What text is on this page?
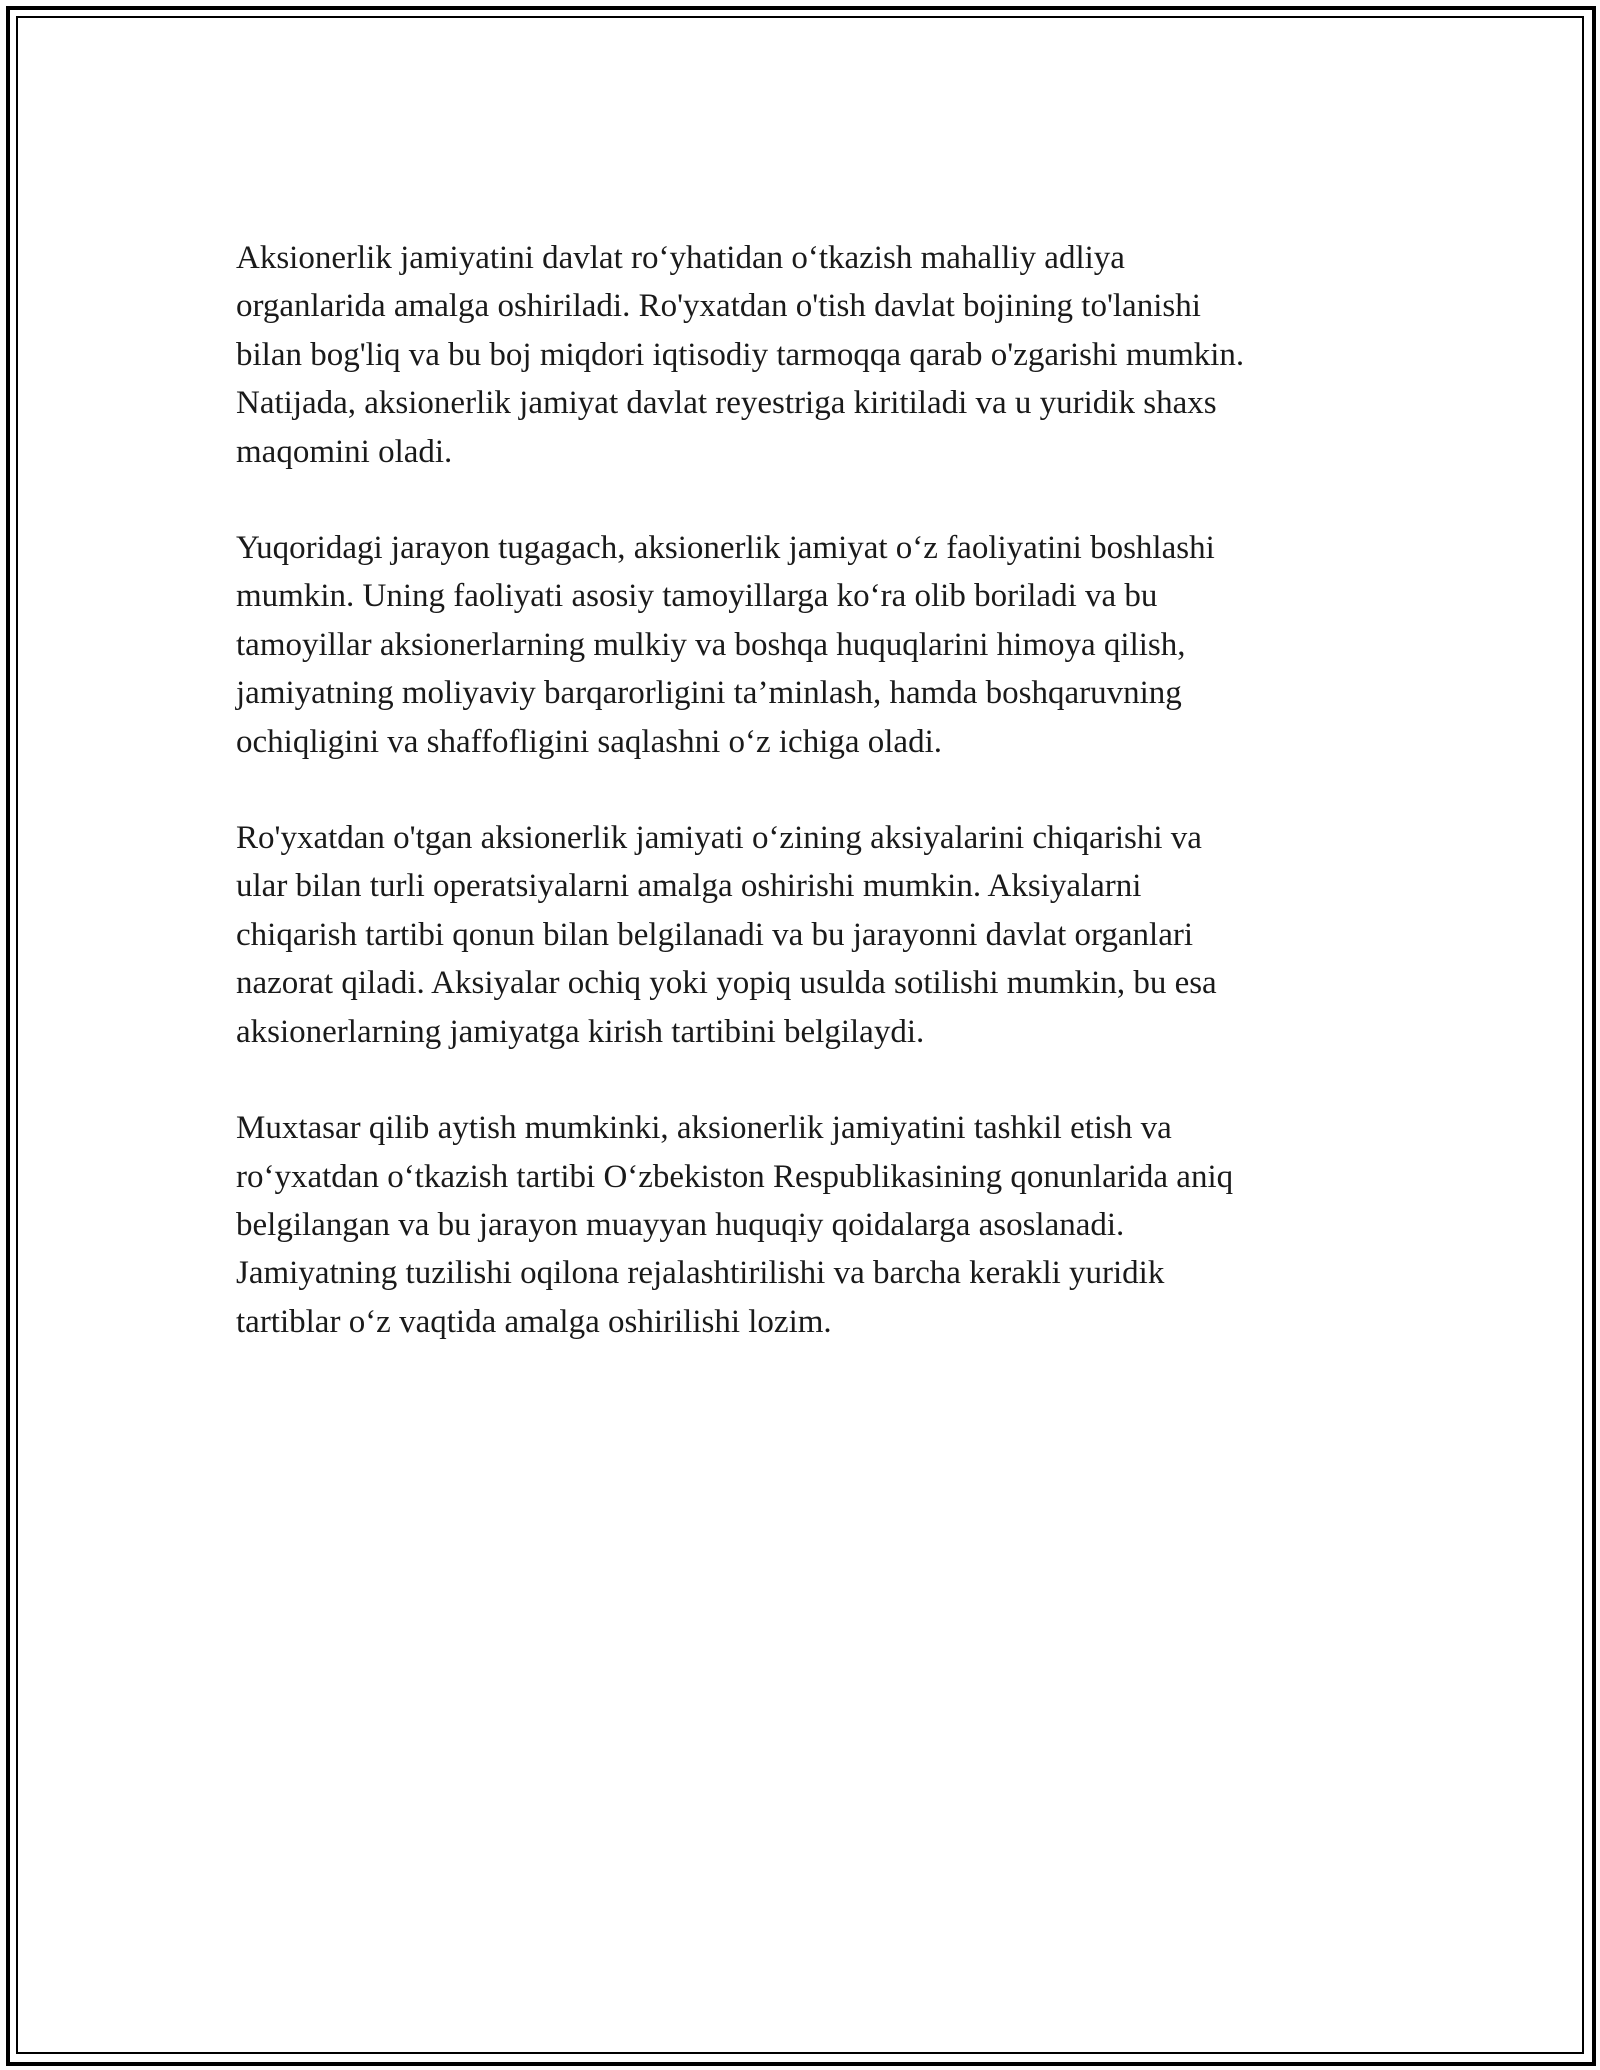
Aksionerlik jamiyatini davlat ro‘yhatidan o‘tkazish mahalliy adliya
organlarida amalga oshiriladi. Ro'yxatdan o'tish davlat bojining to'lanishi
bilan bog'liq va bu boj miqdori iqtisodiy tarmoqqa qarab o'zgarishi mumkin.
Natijada, aksionerlik jamiyat davlat reyestriga kiritiladi va u yuridik shaxs
maqomini oladi.

Yuqoridagi jarayon tugagach, aksionerlik jamiyat o‘z faoliyatini boshlashi
mumkin. Uning faoliyati asosiy tamoyillarga ko‘ra olib boriladi va bu
tamoyillar aksionerlarning mulkiy va boshqa huquqlarini himoya qilish,
jamiyatning moliyaviy barqarorligini ta’minlash, hamda boshqaruvning
ochiqligini va shaffofligini saqlashni o‘z ichiga oladi.

Ro'yxatdan o'tgan aksionerlik jamiyati o‘zining aksiyalarini chiqarishi va
ular bilan turli operatsiyalarni amalga oshirishi mumkin. Aksiyalarni
chiqarish tartibi qonun bilan belgilanadi va bu jarayonni davlat organlari
nazorat qiladi. Aksiyalar ochiq yoki yopiq usulda sotilishi mumkin, bu esa
aksionerlarning jamiyatga kirish tartibini belgilaydi.

Muxtasar qilib aytish mumkinki, aksionerlik jamiyatini tashkil etish va
ro‘yxatdan o‘tkazish tartibi O‘zbekiston Respublikasining qonunlarida aniq
belgilangan va bu jarayon muayyan huquqiy qoidalarga asoslanadi.
Jamiyatning tuzilishi oqilona rejalashtirilishi va barcha kerakli yuridik
tartiblar o‘z vaqtida amalga oshirilishi lozim.
